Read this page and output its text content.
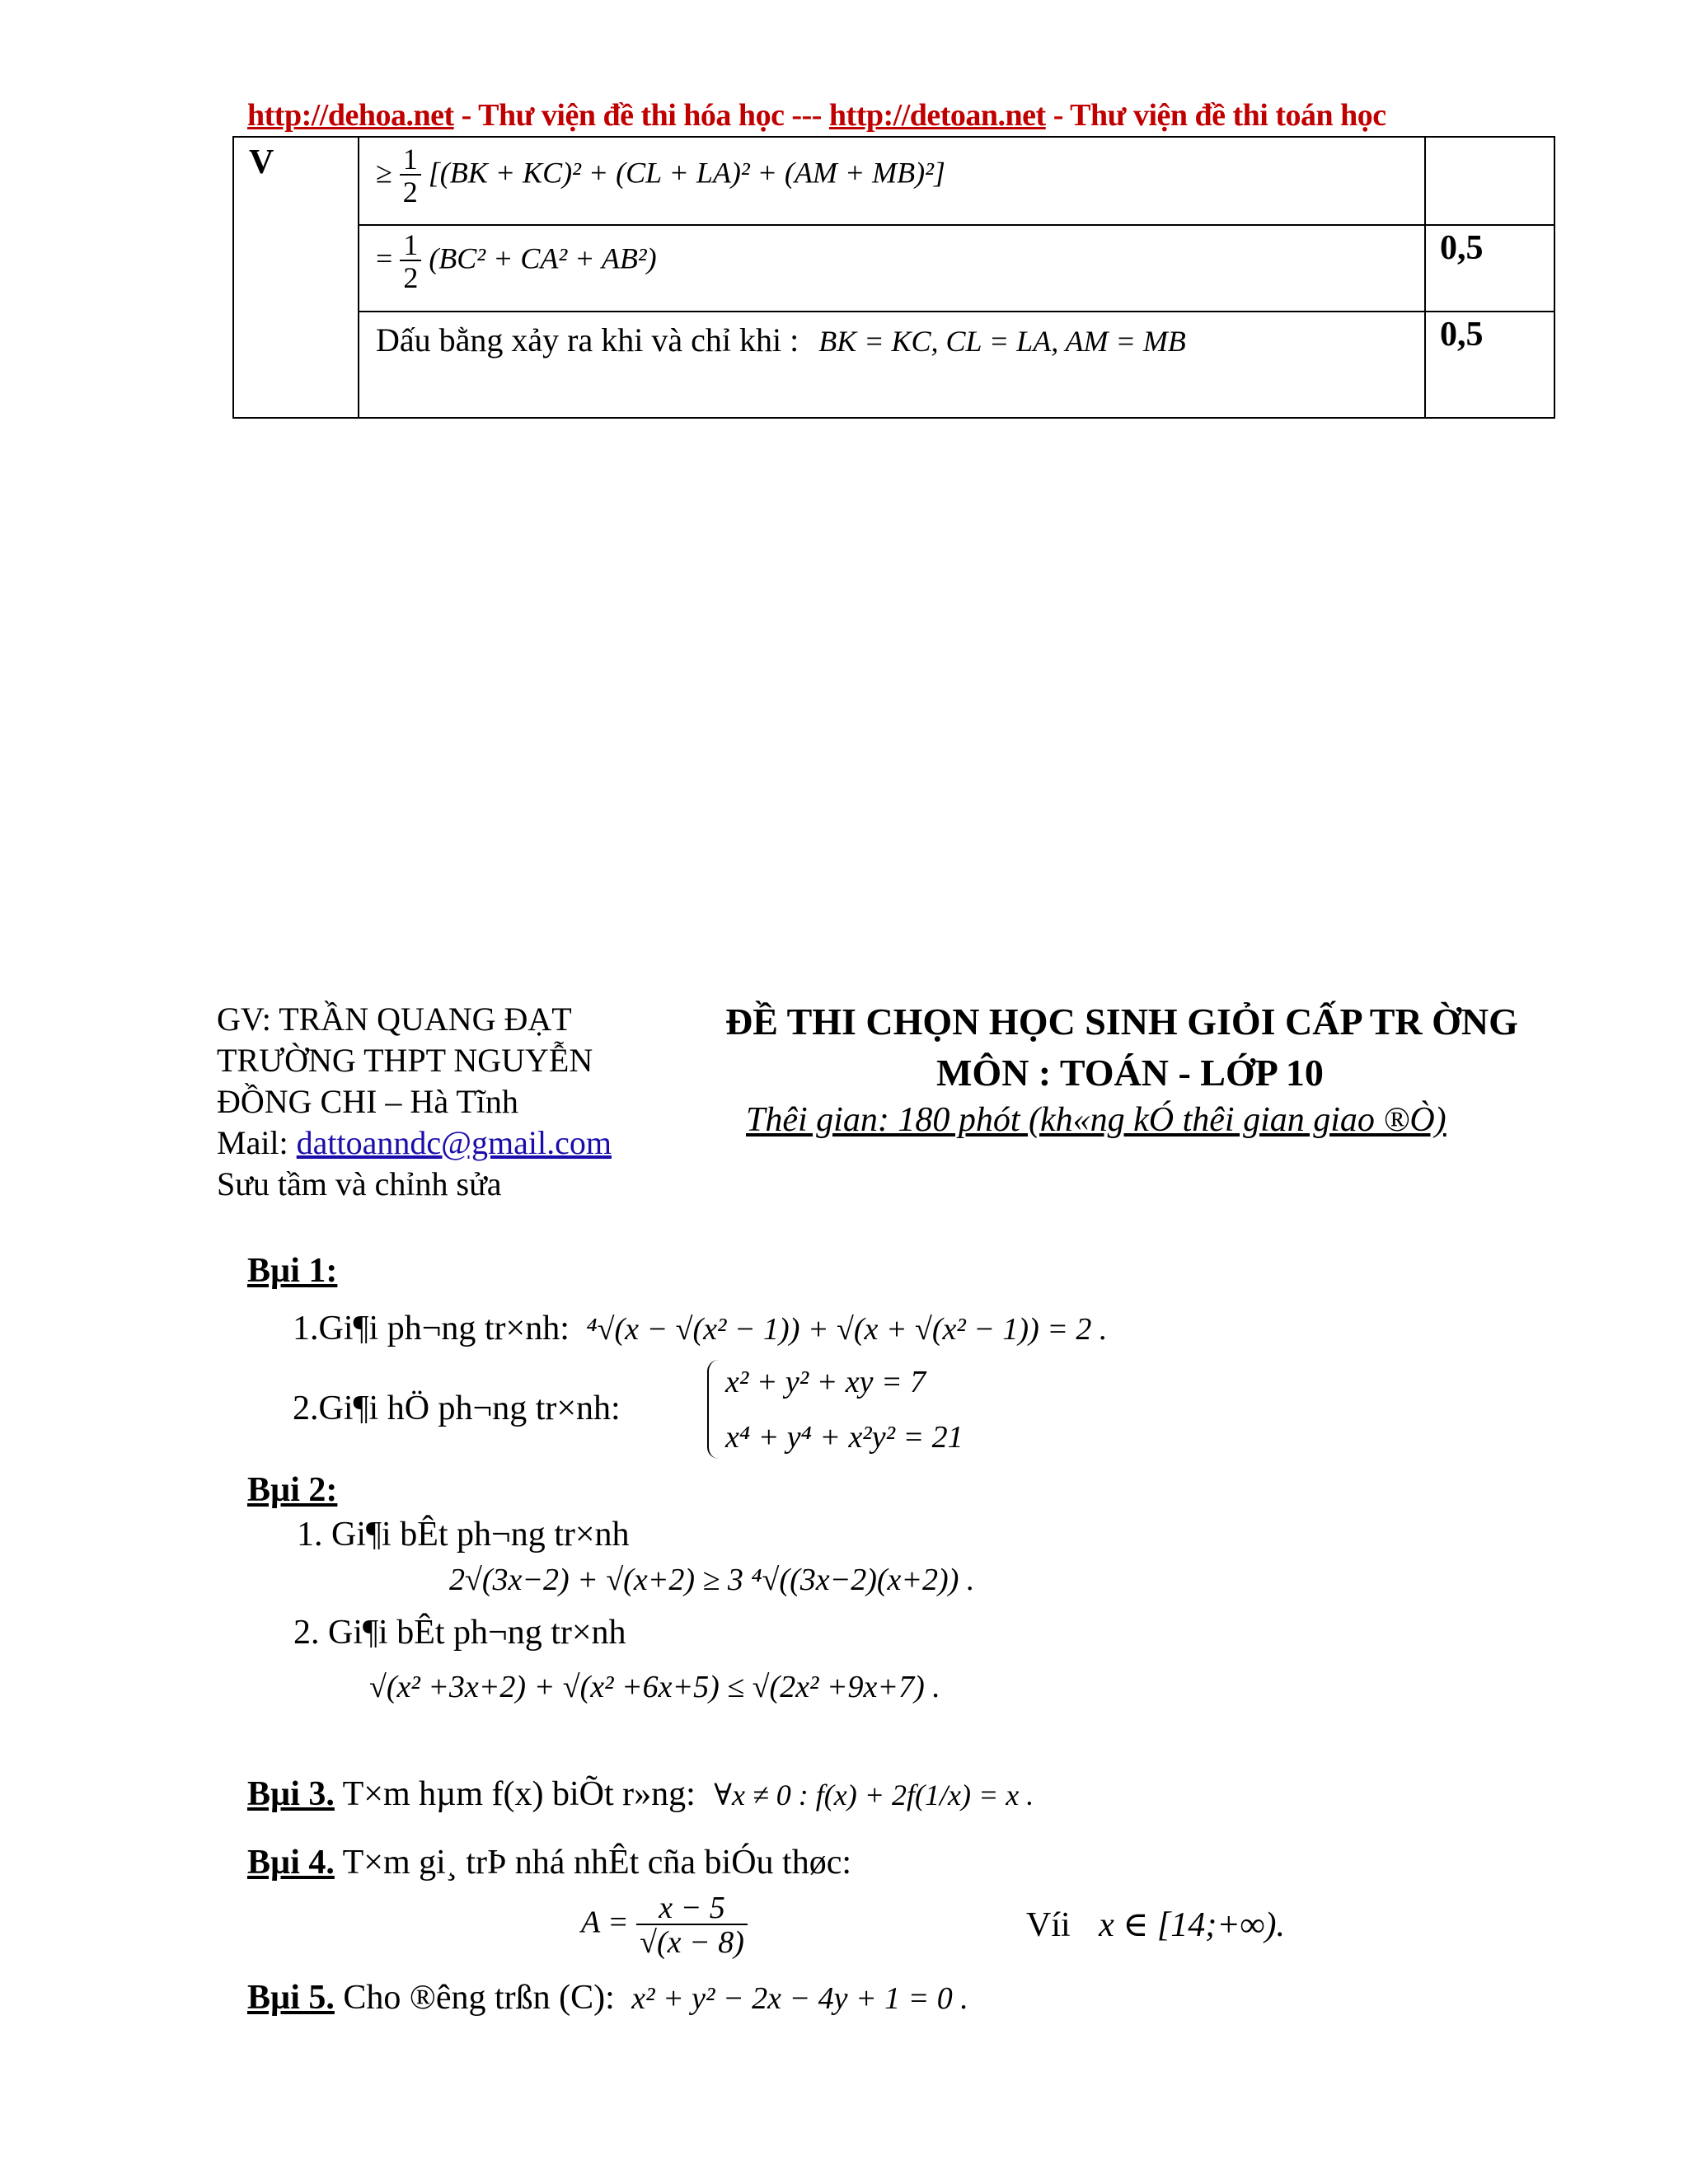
http://dehoa.net - Thư viện đề thi hóa học --- http://detoan.net - Thư viện đề thi toán học
V	≥ $\frac{1}{2} [(BK + KC)^2 + (CL + LA)^2 + (AM + MB)^2]$
= $\frac{1}{2} (BC^2 + CA^2 + AB^2)$	0,5
Dấu bằng xảy ra khi và chỉ khi : BK = KC, CL = LA, AM = MB	0,5
GV: TRẦN QUANG ĐẠT
TRƯỜNG THPT NGUYỄN
ĐỒNG CHI – Hà Tĩnh
Mail: dattoanndc@gmail.com
Sưu tầm và chỉnh sửa
ĐỀ THI CHỌN HỌC SINH GIỎI CẤP TR ỜNG
MÔN : TOÁN - LỚP 10
Thêi gian: 180 phót (kh«ng kÓ thêi gian giao ®Ò)
Bµi 1:
1.Gi¶i ph¬ng tr×nh: ⁴√(x − √(x² − 1)) + √(x + √(x² − 1)) = 2 .
2.Gi¶i hÖ ph¬ng tr×nh:
x² + y² + xy = 7
x⁴ + y⁴ + x²y² = 21
Bµi 2:
1. Gi¶i bÊt ph¬ng tr×nh
2√(3x−2) + √(x+2) ≥ 3 ⁴√((3x−2)(x+2)) .
2. Gi¶i bÊt ph¬ng tr×nh
√(x² +3x+2) + √(x² +6x+5) ≤ √(2x² +9x+7) .
Bµi 3. T×m hµm f(x) biÕt r»ng: ∀x ≠ 0 : f(x) + 2f(1/x) = x .
Bµi 4. T×m gi¸ trÞ nhá nhÊt cña biÓu thøc:
$A = \frac{x - 5}{√(x - 8)}$	Víi x ∈ [14;+∞).
Bµi 5. Cho ®êng trßn (C): x² + y² − 2x − 4y + 1 = 0 .
